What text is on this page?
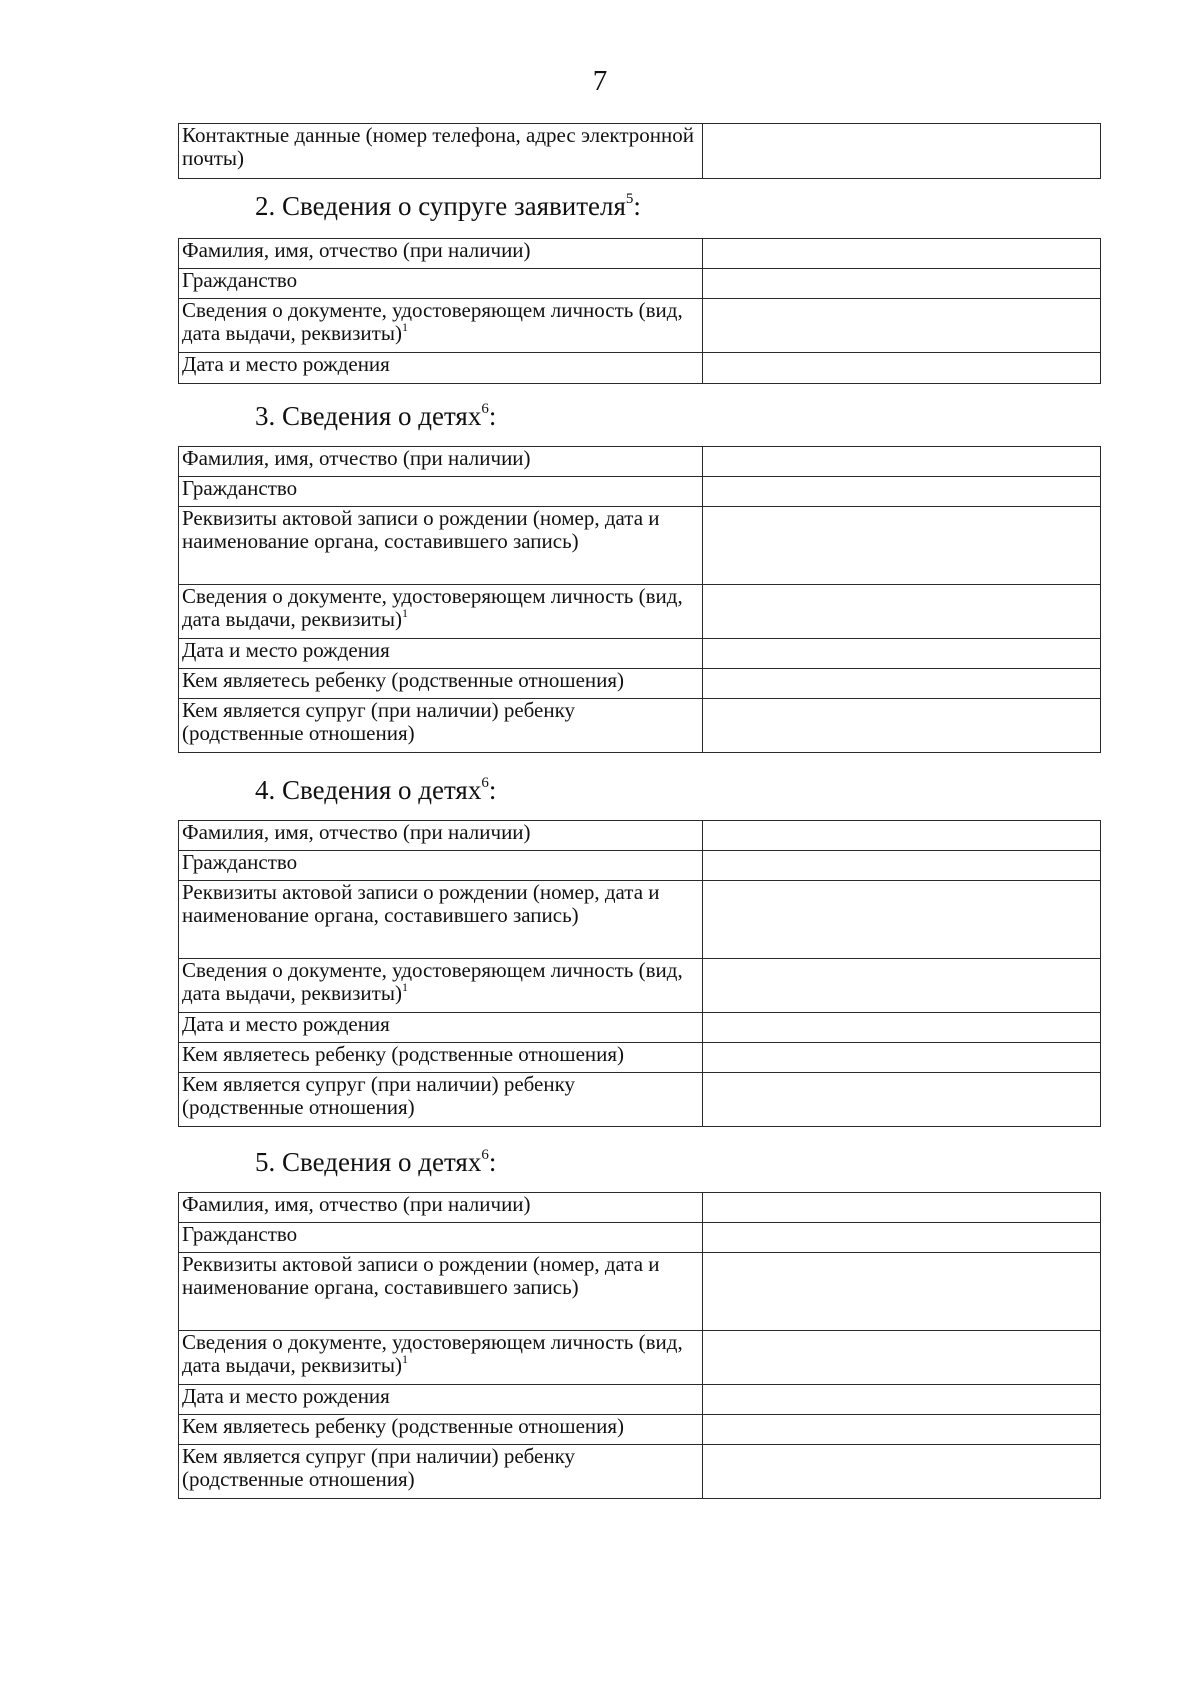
7
Контактные данные (номер телефона, адрес электронной почты)	
2. Сведения о супруге заявителя$^5$:
Фамилия, имя, отчество (при наличии)	
Гражданство	
Сведения о документе, удостоверяющем личность (вид, дата выдачи, реквизиты)$^1$	
Дата и место рождения	
3. Сведения о детях$^6$:
Фамилия, имя, отчество (при наличии)	
Гражданство	
Реквизиты актовой записи о рождении (номер, дата и наименование органа, составившего запись)	
Сведения о документе, удостоверяющем личность (вид, дата выдачи, реквизиты)$^1$	
Дата и место рождения	
Кем являетесь ребенку (родственные отношения)	
Кем является супруг (при наличии) ребенку (родственные отношения)	
4. Сведения о детях$^6$:
Фамилия, имя, отчество (при наличии)	
Гражданство	
Реквизиты актовой записи о рождении (номер, дата и наименование органа, составившего запись)	
Сведения о документе, удостоверяющем личность (вид, дата выдачи, реквизиты)$^1$	
Дата и место рождения	
Кем являетесь ребенку (родственные отношения)	
Кем является супруг (при наличии) ребенку (родственные отношения)	
5. Сведения о детях$^6$:
Фамилия, имя, отчество (при наличии)	
Гражданство	
Реквизиты актовой записи о рождении (номер, дата и наименование органа, составившего запись)	
Сведения о документе, удостоверяющем личность (вид, дата выдачи, реквизиты)$^1$	
Дата и место рождения	
Кем являетесь ребенку (родственные отношения)	
Кем является супруг (при наличии) ребенку (родственные отношения)	
